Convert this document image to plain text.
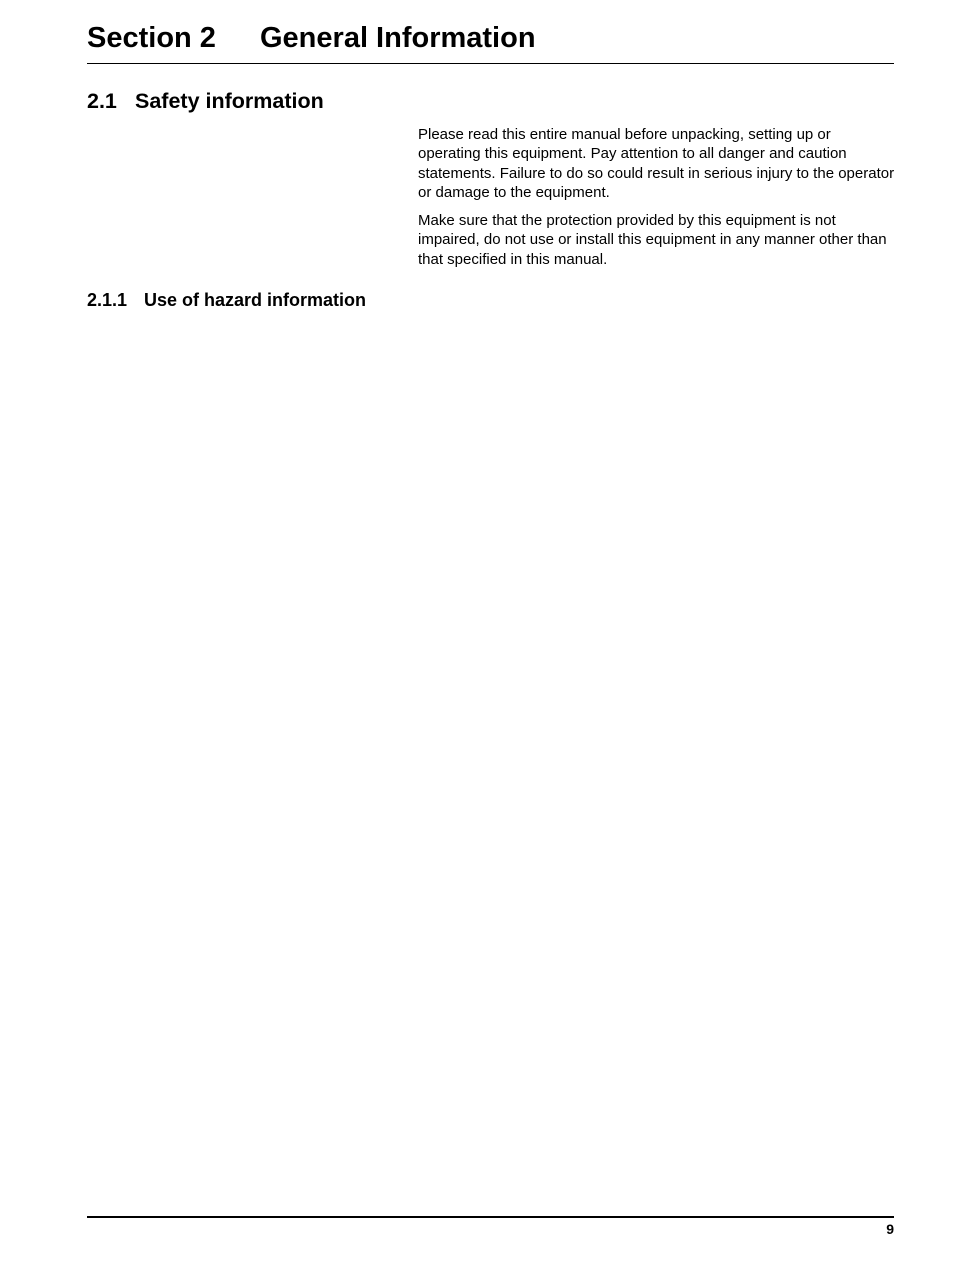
Section 2 General Information
2.1 Safety information

Please read this entire manual before unpacking, setting up or operating this equipment. Pay attention to all danger and caution statements. Failure to do so could result in serious injury to the operator or damage to the equipment.

Make sure that the protection provided by this equipment is not impaired, do not use or install this equipment in any manner other than that specified in this manual.

2.1.1 Use of hazard information
9
